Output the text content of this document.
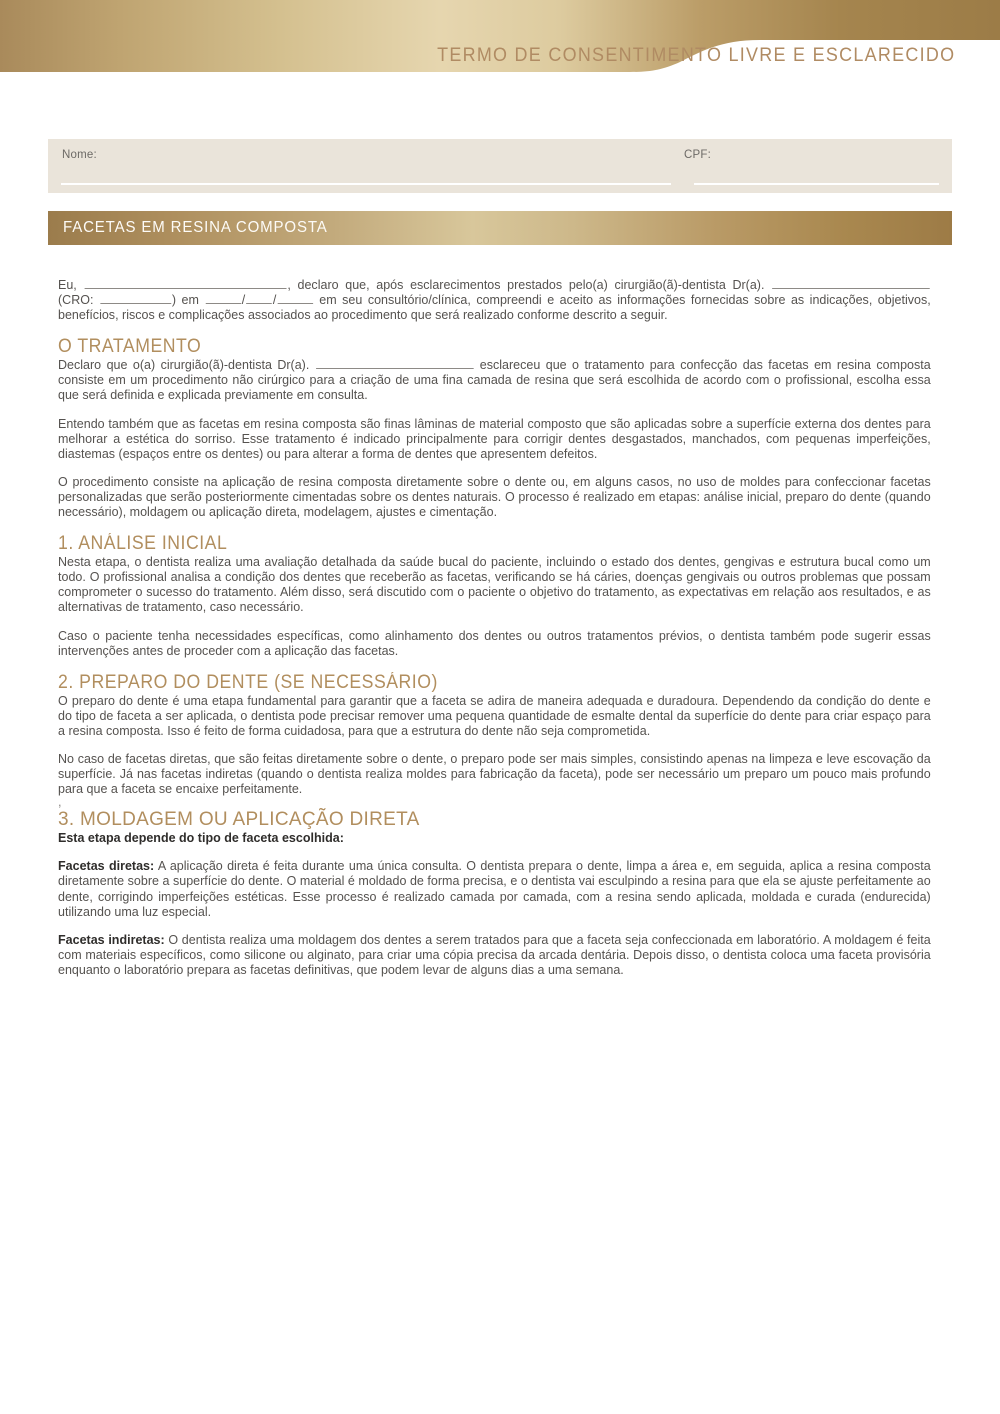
TERMO DE CONSENTIMENTO LIVRE E ESCLARECIDO
Nome:	CPF:
FACETAS EM RESINA COMPOSTA

Eu,	, declaro que, após esclarecimentos prestados pelo(a) cirurgião(ã)-dentista Dr(a).  (CRO:	) em	/ /	em seu consultório/clínica, compreendi e aceito as informações fornecidas sobre as indicações, objetivos, benefícios, riscos e complicações associados ao procedimento que será realizado conforme descrito a seguir.

O TRATAMENTO

Declaro que o(a) cirurgião(ã)-dentista Dr(a).	esclareceu que o tratamento para confecção das facetas em resina composta consiste em um procedimento não cirúrgico para a criação de uma fina camada de resina que será escolhida de acordo com o profissional, escolha essa que será definida e explicada previamente em consulta.

Entendo também que as facetas em resina composta são finas lâminas de material composto que são aplicadas sobre a superfície externa dos dentes para melhorar a estética do sorriso. Esse tratamento é indicado principalmente para corrigir dentes desgastados, manchados, com pequenas imperfeições, diastemas (espaços entre os dentes) ou para alterar a forma de dentes que apresentem defeitos.

O procedimento consiste na aplicação de resina composta diretamente sobre o dente ou, em alguns casos, no uso de moldes para confeccionar facetas personalizadas que serão posteriormente cimentadas sobre os dentes naturais. O processo é realizado em etapas: análise inicial, preparo do dente (quando necessário), moldagem ou aplicação direta, modelagem, ajustes e cimentação.

1. ANÁLISE INICIAL

Nesta etapa, o dentista realiza uma avaliação detalhada da saúde bucal do paciente, incluindo o estado dos dentes, gengivas e estrutura bucal como um todo. O profissional analisa a condição dos dentes que receberão as facetas, verificando se há cáries, doenças gengivais ou outros problemas que possam comprometer o sucesso do tratamento. Além disso, será discutido com o paciente o objetivo do tratamento, as expectativas em relação aos resultados, e as alternativas de tratamento, caso necessário.

Caso o paciente tenha necessidades específicas, como alinhamento dos dentes ou outros tratamentos prévios, o dentista também pode sugerir essas intervenções antes de proceder com a aplicação das facetas.

2. PREPARO DO DENTE (SE NECESSÁRIO)

O preparo do dente é uma etapa fundamental para garantir que a faceta se adira de maneira adequada e duradoura. Dependendo da condição do dente e do tipo de faceta a ser aplicada, o dentista pode precisar remover uma pequena quantidade de esmalte dental da superfície do dente para criar espaço para a resina composta. Isso é feito de forma cuidadosa, para que a estrutura do dente não seja comprometida.

No caso de facetas diretas, que são feitas diretamente sobre o dente, o preparo pode ser mais simples, consistindo apenas na limpeza e leve escovação da superfície. Já nas facetas indiretas (quando o dentista realiza moldes para fabricação da faceta), pode ser necessário um preparo um pouco mais profundo para que a faceta se encaixe perfeitamente.

,

3. MOLDAGEM OU APLICAÇÃO DIRETA

Esta etapa depende do tipo de faceta escolhida:

Facetas diretas: A aplicação direta é feita durante uma única consulta. O dentista prepara o dente, limpa a área e, em seguida, aplica a resina composta diretamente sobre a superfície do dente. O material é moldado de forma precisa, e o dentista vai esculpindo a resina para que ela se ajuste perfeitamente ao dente, corrigindo imperfeições estéticas. Esse processo é realizado camada por camada, com a resina sendo aplicada, moldada e curada (endurecida) utilizando uma luz especial.

Facetas indiretas: O dentista realiza uma moldagem dos dentes a serem tratados para que a faceta seja confeccionada em laboratório. A moldagem é feita com materiais específicos, como silicone ou alginato, para criar uma cópia precisa da arcada dentária. Depois disso, o dentista coloca uma faceta provisória enquanto o laboratório prepara as facetas definitivas, que podem levar de alguns dias a uma semana.
